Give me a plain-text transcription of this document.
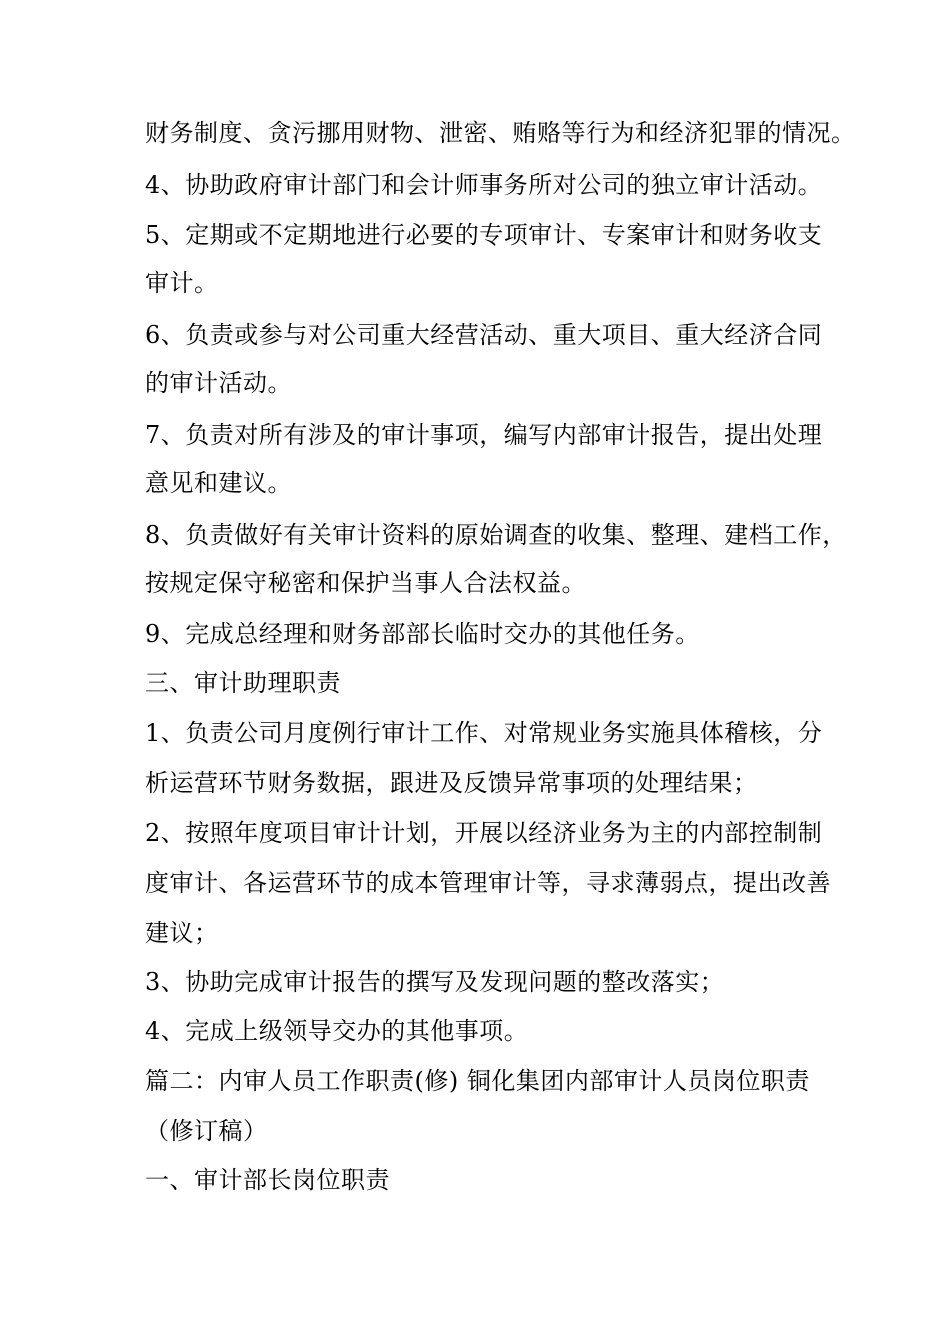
财务制度、贪污挪用财物、泄密、贿赂等行为和经济犯罪的情况。
4、协助政府审计部门和会计师事务所对公司的独立审计活动。
5、定期或不定期地进行必要的专项审计、专案审计和财务收支
审计。
6、负责或参与对公司重大经营活动、重大项目、重大经济合同
的审计活动。
7、负责对所有涉及的审计事项，编写内部审计报告，提出处理
意见和建议。
8、负责做好有关审计资料的原始调查的收集、整理、建档工作，
按规定保守秘密和保护当事人合法权益。
9、完成总经理和财务部部长临时交办的其他任务。
三、审计助理职责
1、负责公司月度例行审计工作、对常规业务实施具体稽核，分
析运营环节财务数据，跟进及反馈异常事项的处理结果；
2、按照年度项目审计计划，开展以经济业务为主的内部控制制
度审计、各运营环节的成本管理审计等，寻求薄弱点，提出改善
建议；
3、协助完成审计报告的撰写及发现问题的整改落实；
4、完成上级领导交办的其他事项。
篇二：内审人员工作职责(修) 铜化集团内部审计人员岗位职责
（修订稿）
一、审计部长岗位职责
